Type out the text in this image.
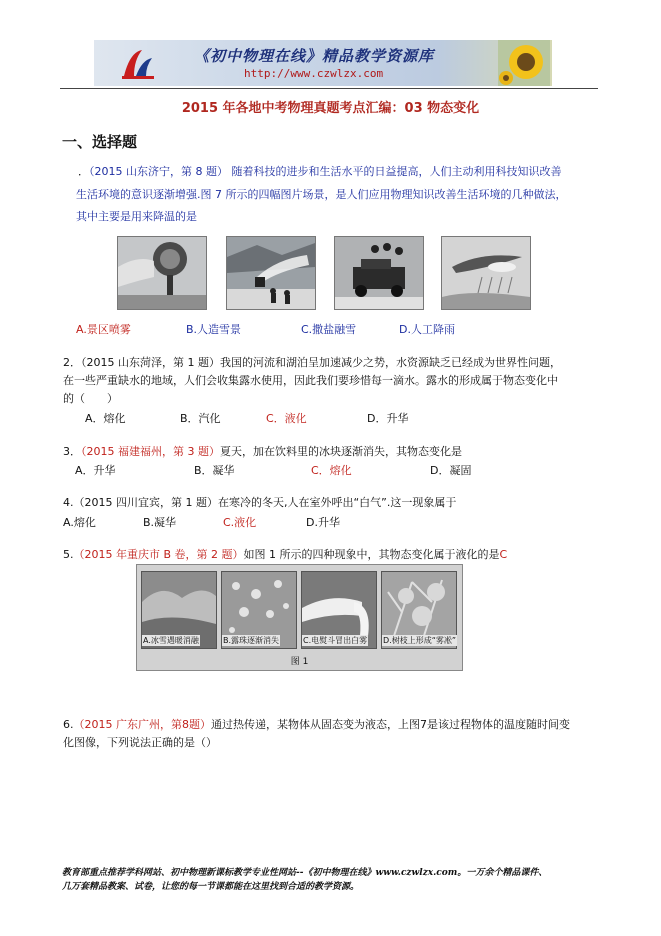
《初中物理在线》精品教学资源库
http://www.czwlzx.com
2015 年各地中考物理真题考点汇编：03 物态变化
一、选择题
．（2015 山东济宁，第 8 题） 随着科技的进步和生活水平的日益提高，人们主动利用科技知识改善
生活环境的意识逐渐增强.图 7 所示的四幅图片场景，是人们应用物理知识改善生活环境的几种做法，
其中主要是用来降温的是
A.景区喷雾	B.人造雪景	C.撒盐融雪	D.人工降雨
2．（2015 山东菏泽，第 1 题）我国的河流和湖泊呈加速减少之势，水资源缺乏已经成为世界性问题，
在一些严重缺水的地域，人们会收集露水使用，因此我们要珍惜每一滴水。露水的形成属于物态变化中
的（　　）
A．熔化	B．汽化	C．液化	D．升华
3．（2015 福建福州，第 3 题）夏天，加在饮料里的冰块逐渐消失，其物态变化是
A．升华	B．凝华	C．熔化	D．凝固
4.（2015 四川宜宾，第 1 题）在寒冷的冬天,人在室外呼出“白气”.这一现象属于
A.熔化	B.凝华	C.液化	D.升华
5.（2015 年重庆市 B 卷，第 2 题）如图 1 所示的四种现象中，其物态变化属于液化的是C
A.冰雪遇暖消融	B.露珠逐渐消失	C.电熨斗冒出白雾 D.树枝上形成“雾凇”
图 1
6.（2015 广东广州，第8题）通过热传递，某物体从固态变为液态，上图7是该过程物体的温度随时间变
化图像，下列说法正确的是（）
教育部重点推荐学科网站、初中物理新课标教学专业性网站--《初中物理在线》www.czwlzx.com。一万余个精品课件、
几万套精品教案、试卷，让您的每一节课都能在这里找到合适的教学资源。
